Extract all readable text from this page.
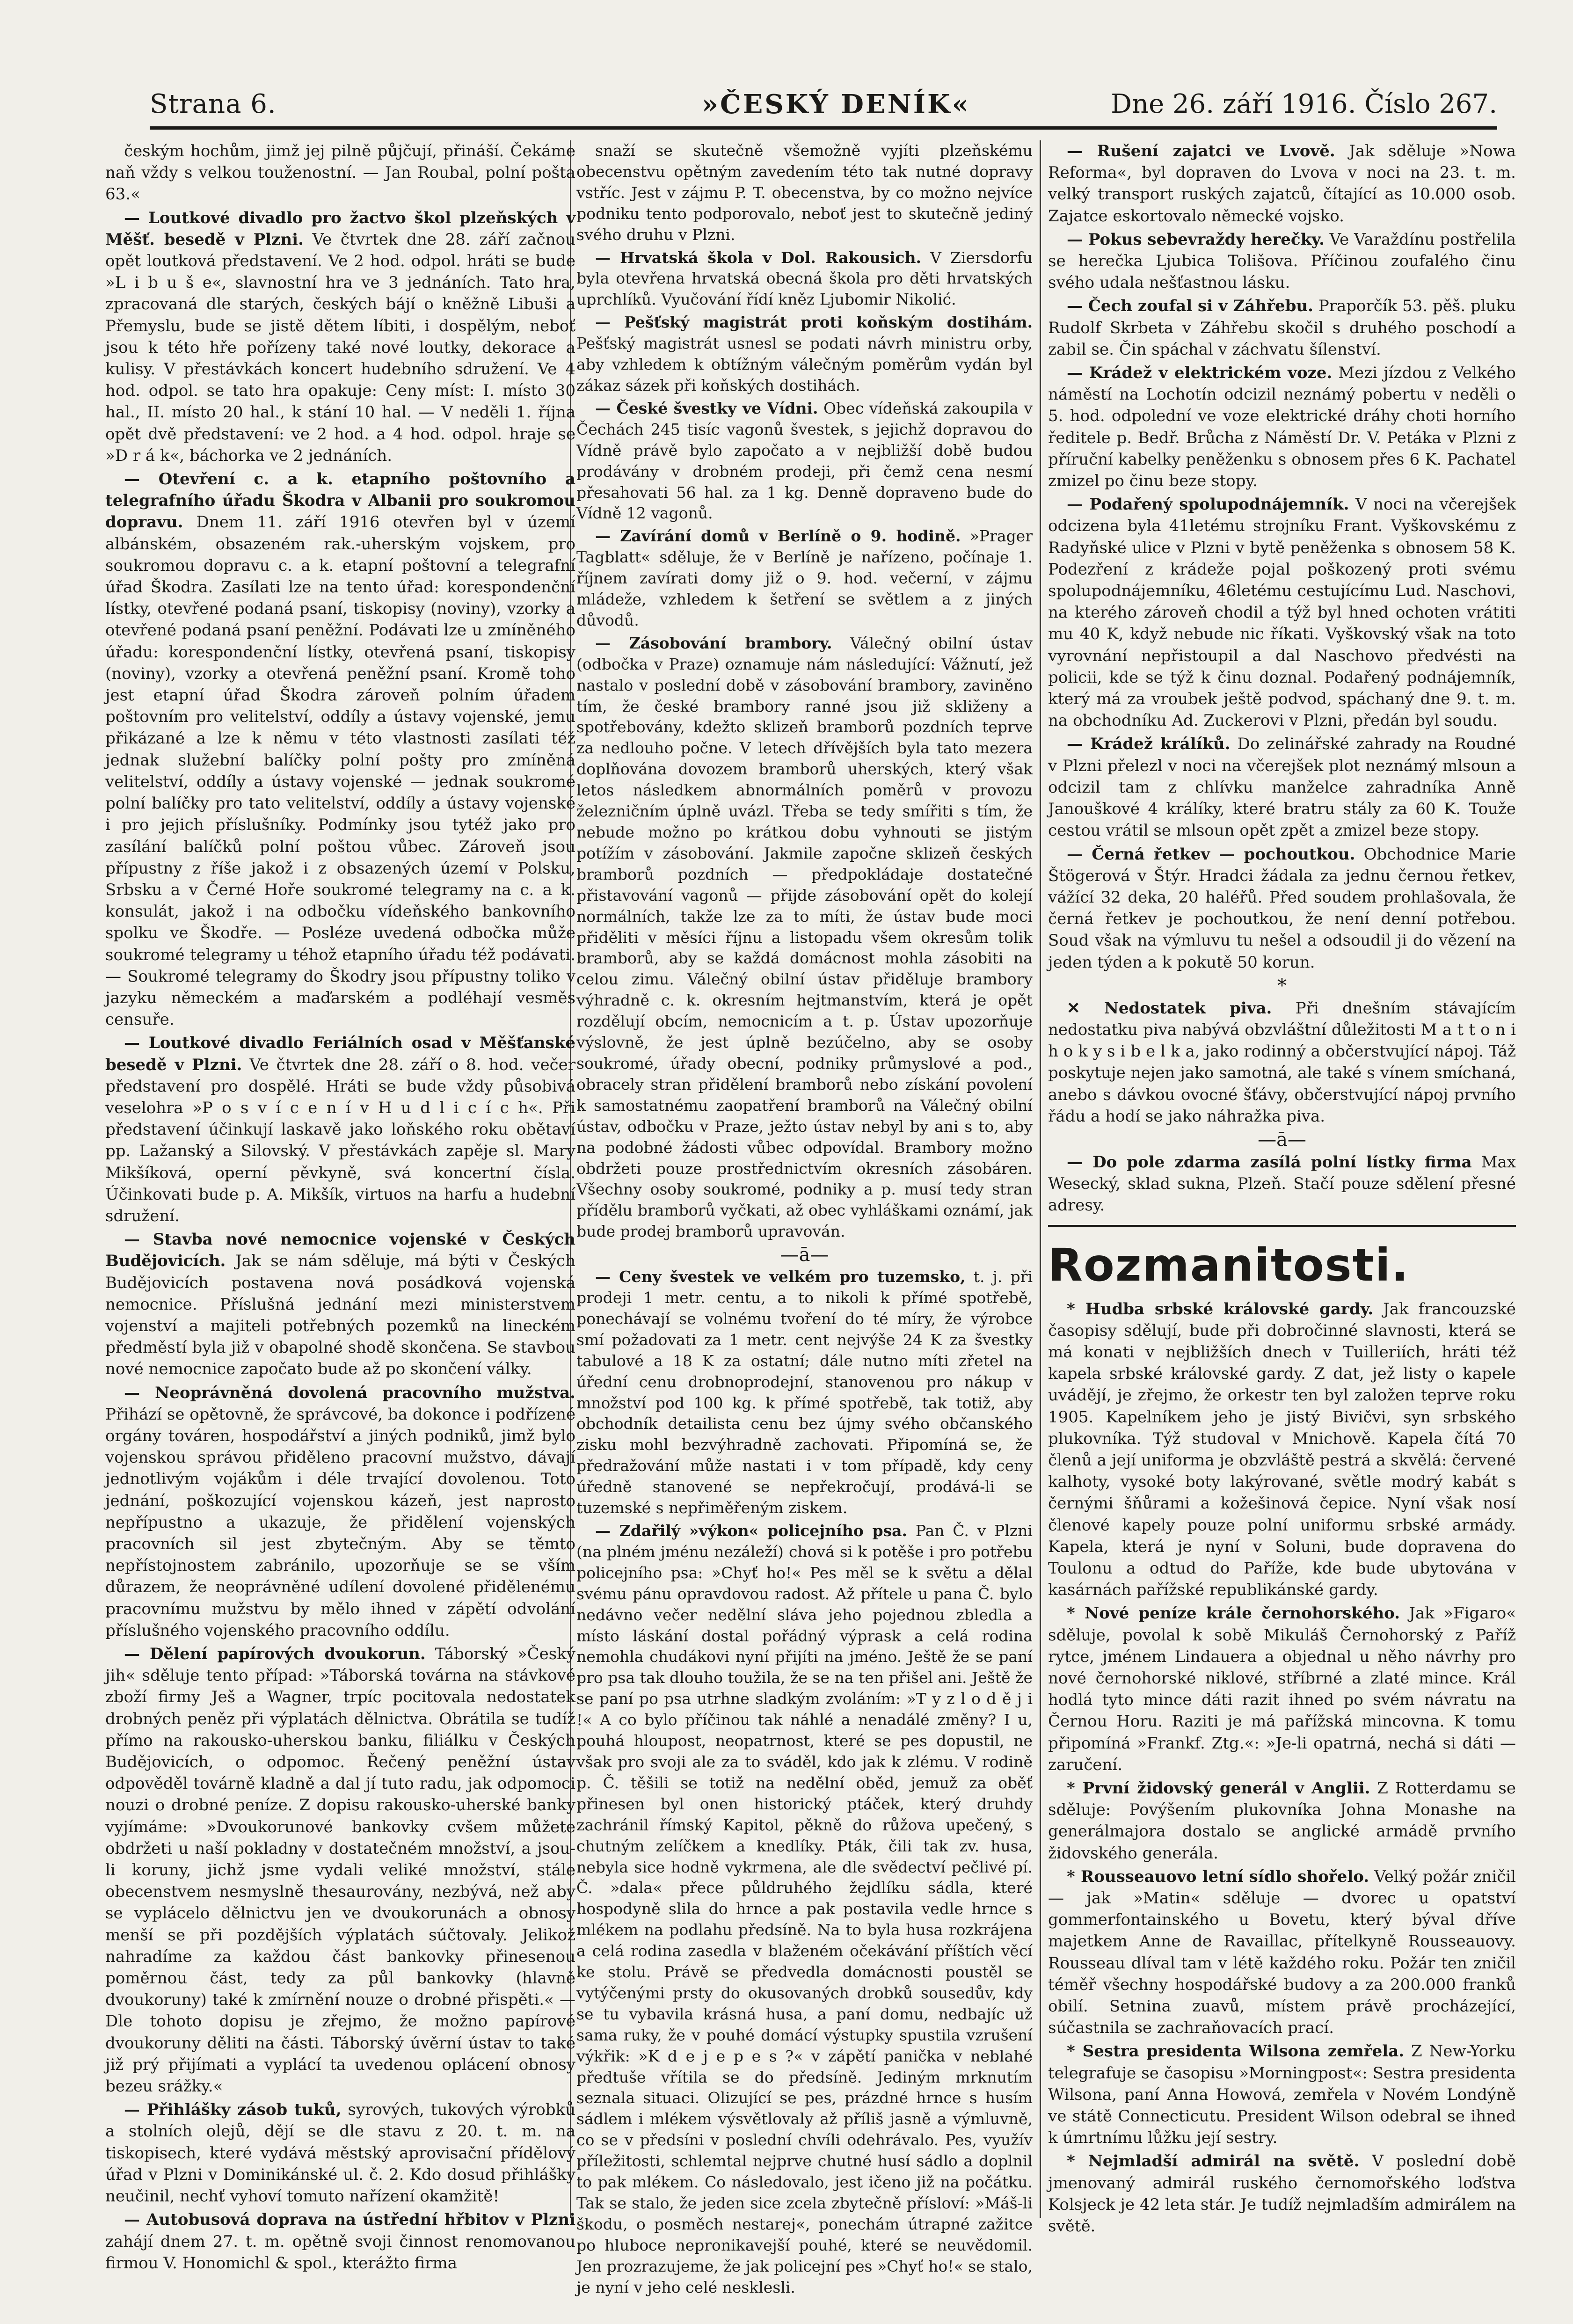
Strana 6.	»ČESKÝ DENÍK«	Dne 26. září 1916. Číslo 267.

českým hochům, jimž jej pilně půjčují, přináší. Čekáme naň vždy s velkou touženostní. — Jan Roubal, polní pošta 63.«

— Loutkové divadlo pro žactvo škol plzeňských v Měšť. besedě v Plzni. Ve čtvrtek dne 28. září začnou opět loutková představení. Ve 2 hod. odpol. hráti se bude »L i b u š e«, slavnostní hra ve 3 jednáních. Tato hra, zpracovaná dle starých, českých bájí o kněžně Libuši a Přemyslu, bude se jistě dětem líbiti, i dospělým, neboť jsou k této hře pořízeny také nové loutky, dekorace a kulisy. V přestávkách koncert hudebního sdružení. Ve 4 hod. odpol. se tato hra opakuje: Ceny míst: I. místo 30 hal., II. místo 20 hal., k stání 10 hal. — V neděli 1. října opět dvě představení: ve 2 hod. a 4 hod. odpol. hraje se »D r á k«, báchorka ve 2 jednáních.

— Otevření c. a k. etapního poštovního a telegrafního úřadu Škodra v Albanii pro soukromou dopravu. Dnem 11. září 1916 otevřen byl v území albánském, obsazeném rak.-uherským vojskem, pro soukromou dopravu c. a k. etapní poštovní a telegrafní úřad Škodra. Zasílati lze na tento úřad: korespondenční lístky, otevřené podaná psaní, tiskopisy (noviny), vzorky a otevřené podaná psaní peněžní. Podávati lze u zmíněného úřadu: korespondenční lístky, otevřená psaní, tiskopisy (noviny), vzorky a otevřená peněžní psaní. Kromě toho jest etapní úřad Škodra zároveň polním úřadem poštovním pro velitelství, oddíly a ústavy vojenské, jemu přikázané a lze k němu v této vlastnosti zasílati též jednak služební balíčky polní pošty pro zmíněná velitelství, oddíly a ústavy vojenské — jednak soukromé polní balíčky pro tato velitelství, oddíly a ústavy vojenské i pro jejich příslušníky. Podmínky jsou tytéž jako pro zasílání balíčků polní poštou vůbec. Zároveň jsou přípustny z říše jakož i z obsazených území v Polsku, Srbsku a v Černé Hoře soukromé telegramy na c. a k. konsulát, jakož i na odbočku vídeňského bankovního spolku ve Škodře. — Posléze uvedená odbočka může soukromé telegramy u téhož etapního úřadu též podávati. — Soukromé telegramy do Škodry jsou přípustny toliko v jazyku německém a maďarském a podléhají vesměs censuře.

— Loutkové divadlo Feriálních osad v Měšťanské besedě v Plzni. Ve čtvrtek dne 28. září o 8. hod. večer představení pro dospělé. Hráti se bude vždy působivá veselohra »P o s v í c e n í v H u d l i c í c h«. Při představení účinkují laskavě jako loňského roku obětaví pp. Lažanský a Silovský. V přestávkách zapěje sl. Mary Mikšíková, operní pěvkyně, svá koncertní čísla. Účinkovati bude p. A. Mikšík, virtuos na harfu a hudební sdružení.

— Stavba nové nemocnice vojenské v Českých Budějovicích. Jak se nám sděluje, má býti v Českých Budějovicích postavena nová posádková vojenská nemocnice. Příslušná jednání mezi ministerstvem vojenství a majiteli potřebných pozemků na lineckém předměstí byla již v obapolné shodě skončena. Se stavbou nové nemocnice započato bude až po skončení války.

— Neoprávněná dovolená pracovního mužstva. Přihází se opětovně, že správcové, ba dokonce i podřízené orgány továren, hospodářství a jiných podniků, jimž bylo vojenskou správou přiděleno pracovní mužstvo, dávají jednotlivým vojákům i déle trvající dovolenou. Toto jednání, poškozující vojenskou kázeň, jest naprosto nepřípustno a ukazuje, že přidělení vojenských pracovních sil jest zbytečným. Aby se těmto nepřístojnostem zabránilo, upozorňuje se se vším důrazem, že neoprávněné udílení dovolené přidělenému pracovnímu mužstvu by mělo ihned v zápětí odvolání příslušného vojenského pracovního oddílu.

— Dělení papírových dvoukorun. Táborský »Český jih« sděluje tento případ: »Táborská továrna na stávkové zboží firmy Ješ a Wagner, trpíc pocitovala nedostatek drobných peněz při výplatách dělnictva. Obrátila se tudíž přímo na rakousko-uherskou banku, filiálku v Českých Budějovicích, o odpomoc. Řečený peněžní ústav odpověděl továrně kladně a dal jí tuto radu, jak odpomoci nouzi o drobné peníze. Z dopisu rakousko-uherské banky vyjímáme: »Dvoukorunové bankovky cvšem můžete obdržeti u naší pokladny v dostatečném množství, a jsou-li koruny, jichž jsme vydali veliké množství, stále obecenstvem nesmyslně thesaurovány, nezbývá, než aby se vyplácelo dělnictvu jen ve dvoukorunách a obnosy menší se při pozdějších výplatách súčtovaly. Jelikož nahradíme za každou část bankovky přinesenou poměrnou část, tedy za půl bankovky (hlavně dvoukoruny) také k zmírnění nouze o drobné přispěti.« — Dle tohoto dopisu je zřejmo, že možno papírové dvoukoruny děliti na části. Táborský úvěrní ústav to také již prý přijímati a vyplácí ta uvedenou oplácení obnosy bezeu srážky.«

— Přihlášky zásob tuků, syrových, tukových výrobků a stolních olejů, dějí se dle stavu z 20. t. m. na tiskopisech, které vydává městský aprovisační přídělový úřad v Plzni v Dominikánské ul. č. 2. Kdo dosud přihlášky neučinil, nechť vyhoví tomuto nařízení okamžitě!

— Autobusová doprava na ústřední hřbitov v Plzni zahájí dnem 27. t. m. opětně svoji činnost renomovanou firmou V. Honomichl & spol., kterážto firma

snaží se skutečně všemožně vyjíti plzeňskému obecenstvu opětným zavedením této tak nutné dopravy vstříc. Jest v zájmu P. T. obecenstva, by co možno nejvíce podniku tento podporovalo, neboť jest to skutečně jediný svého druhu v Plzni.

— Hrvatská škola v Dol. Rakousich. V Ziersdorfu byla otevřena hrvatská obecná škola pro děti hrvatských uprchlíků. Vyučování řídí kněz Ljubomir Nikolić.

— Pešťský magistrát proti koňským dostihám. Pešťský magistrát usnesl se podati návrh ministru orby, aby vzhledem k obtížným válečným poměrům vydán byl zákaz sázek při koňských dostihách.

— České švestky ve Vídni. Obec vídeňská zakoupila v Čechách 245 tisíc vagonů švestek, s jejichž dopravou do Vídně právě bylo započato a v nejbližší době budou prodávány v drobném prodeji, při čemž cena nesmí přesahovati 56 hal. za 1 kg. Denně dopraveno bude do Vídně 12 vagonů.

— Zavírání domů v Berlíně o 9. hodině. »Prager Tagblatt« sděluje, že v Berlíně je nařízeno, počínaje 1. říjnem zavírati domy již o 9. hod. večerní, v zájmu mládeže, vzhledem k šetření se světlem a z jiných důvodů.

— Zásobování brambory. Válečný obilní ústav (odbočka v Praze) oznamuje nám následující: Vážnutí, jež nastalo v poslední době v zásobování brambory, zaviněno tím, že české brambory ranné jsou již skliženy a spotřebovány, kdežto sklizeň bramborů pozdních teprve za nedlouho počne. V letech dřívějších byla tato mezera doplňována dovozem bramborů uherských, který však letos následkem abnormálních poměrů v provozu železničním úplně uvázl. Třeba se tedy smířiti s tím, že nebude možno po krátkou dobu vyhnouti se jistým potížím v zásobování. Jakmile započne sklizeň českých bramborů pozdních — předpokládaje dostatečné přistavování vagonů — přijde zásobování opět do kolejí normálních, takže lze za to míti, že ústav bude moci přiděliti v měsíci říjnu a listopadu všem okresům tolik bramborů, aby se každá domácnost mohla zásobiti na celou zimu. Válečný obilní ústav přiděluje brambory výhradně c. k. okresním hejtmanstvím, která je opět rozdělují obcím, nemocnicím a t. p. Ústav upozorňuje výslovně, že jest úplně bezúčelno, aby se osoby soukromé, úřady obecní, podniky průmyslové a pod., obracely stran přidělení bramborů nebo získání povolení k samostatnému zaopatření bramborů na Válečný obilní ústav, odbočku v Praze, ježto ústav nebyl by ani s to, aby na podobné žádosti vůbec odpovídal. Brambory možno obdržeti pouze prostřednictvím okresních zásobáren. Všechny osoby soukromé, podniky a p. musí tedy stran přídělu bramborů vyčkati, až obec vyhláškami oznámí, jak bude prodej bramborů upravován.

—ā—

— Ceny švestek ve velkém pro tuzemsko, t. j. při prodeji 1 metr. centu, a to nikoli k přímé spotřebě, ponechávají se volnému tvoření do té míry, že výrobce smí požadovati za 1 metr. cent nejvýše 24 K za švestky tabulové a 18 K za ostatní; dále nutno míti zřetel na úřední cenu drobnoprodejní, stanovenou pro nákup v množství pod 100 kg. k přímé spotřebě, tak totiž, aby obchodník detailista cenu bez újmy svého občanského zisku mohl bezvýhradně zachovati. Připomíná se, že předražování může nastati i v tom případě, kdy ceny úředně stanovené se nepřekročují, prodává-li se tuzemské s nepřiměřeným ziskem.

— Zdařilý »výkon« policejního psa. Pan Č. v Plzni (na plném jménu nezáleží) chová si k potěše i pro potřebu policejního psa: »Chyť ho!« Pes měl se k světu a dělal svému pánu opravdovou radost. Až přítele u pana Č. bylo nedávno večer nedělní sláva jeho pojednou zbledla a místo láskání dostal pořádný výprask a celá rodina nemohla chudákovi nyní přijíti na jméno. Ještě že se paní pro psa tak dlouho toužila, že se na ten přišel ani. Ještě že se paní po psa utrhne sladkým zvoláním: »T y z l o d ě j i !« A co bylo příčinou tak náhlé a nenadálé změny? I u, pouhá hloupost, neopatrnost, které se pes dopustil, ne však pro svoji ale za to sváděl, kdo jak k zlému. V rodině p. Č. těšili se totiž na nedělní oběd, jemuž za oběť přinesen byl onen historický ptáček, který druhdy zachránil římský Kapitol, pěkně do růžova upečený, s chutným zelíčkem a knedlíky. Pták, čili tak zv. husa, nebyla sice hodně vykrmena, ale dle svědectví pečlivé pí. Č. »dala« přece půldruhého žejdlíku sádla, které hospodyně slila do hrnce a pak postavila vedle hrnce s mlékem na podlahu předsíně. Na to byla husa rozkrájena a celá rodina zasedla v blaženém očekávání příštích věcí ke stolu. Právě se předvedla domácnosti poustěl se vytýčenými prsty do okusovaných drobků sousedův, kdy se tu vybavila krásná husa, a paní domu, nedbajíc už sama ruky, že v pouhé domácí výstupky spustila vzrušení výkřik: »K d e j e p e s ?« v zápětí panička v neblahé předtuše vřítila se do předsíně. Jediným mrknutím seznala situaci. Olizující se pes, prázdné hrnce s husím sádlem i mlékem výsvětlovaly až příliš jasně a výmluvně, co se v předsíni v poslední chvíli odehrávalo. Pes, využív příležitosti, schlemtal nejprve chutné husí sádlo a doplnil to pak mlékem. Co následovalo, jest ičeno již na počátku. Tak se stalo, že jeden sice zcela zbytečně přísloví: »Máš-li škodu, o posměch nestarej«, ponechám útrapné zažitce po hluboce nepronikavejší pouhé, které se neuvědomil. Jen prozrazujeme, že jak policejní pes »Chyť ho!« se stalo, je nyní v jeho celé nesklesli.

— Rušení zajatci ve Lvově. Jak sděluje »Nowa Reforma«, byl dopraven do Lvova v noci na 23. t. m. velký transport ruských zajatců, čítající as 10.000 osob. Zajatce eskortovalo německé vojsko.

— Pokus sebevraždy herečky. Ve Varaždínu postřelila se herečka Ljubica Tolišova. Příčinou zoufalého činu svého udala nešťastnou lásku.

— Čech zoufal si v Záhřebu. Praporčík 53. pěš. pluku Rudolf Skrbeta v Záhřebu skočil s druhého poschodí a zabil se. Čin spáchal v záchvatu šílenství.

— Krádež v elektrickém voze. Mezi jízdou z Velkého náměstí na Lochotín odcizil neznámý pobertu v neděli o 5. hod. odpolední ve voze elektrické dráhy choti horního ředitele p. Bedř. Brůcha z Náměstí Dr. V. Petáka v Plzni z příruční kabelky peněženku s obnosem přes 6 K. Pachatel zmizel po činu beze stopy.

— Podařený spolupodnájemník. V noci na včerejšek odcizena byla 41letému strojníku Frant. Vyškovskému z Radyňské ulice v Plzni v bytě peněženka s obnosem 58 K. Podezření z krádeže pojal poškozený proti svému spolupodnájemníku, 46letému cestujícímu Lud. Naschovi, na kterého zároveň chodil a týž byl hned ochoten vrátiti mu 40 K, když nebude nic říkati. Vyškovský však na toto vyrovnání nepřistoupil a dal Naschovo předvésti na policii, kde se týž k činu doznal. Podařený podnájemník, který má za vroubek ještě podvod, spáchaný dne 9. t. m. na obchodníku Ad. Zuckerovi v Plzni, předán byl soudu.

— Krádež králíků. Do zelinářské zahrady na Roudné v Plzni přelezl v noci na včerejšek plot neznámý mlsoun a odcizil tam z chlívku manželce zahradníka Anně Janouškové 4 králíky, které bratru stály za 60 K. Touže cestou vrátil se mlsoun opět zpět a zmizel beze stopy.

— Černá řetkev — pochoutkou. Obchodnice Marie Štögerová v Štýr. Hradci žádala za jednu černou řetkev, vážící 32 deka, 20 haléřů. Před soudem prohlašovala, že černá řetkev je pochoutkou, že není denní potřebou. Soud však na výmluvu tu nešel a odsoudil ji do vězení na jeden týden a k pokutě 50 korun.

*

✕ Nedostatek piva. Při dnešním stávajícím nedostatku piva nabývá obzvláštní důležitosti M a t t o n i h o k y s i b e l k a, jako rodinný a občerstvující nápoj. Táž poskytuje nejen jako samotná, ale také s vínem smíchaná, anebo s dávkou ovocné šťávy, občerstvující nápoj prvního řádu a hodí se jako náhražka piva.

—ā—

— Do pole zdarma zasílá polní lístky firma Max Wesecký, sklad sukna, Plzeň. Stačí pouze sdělení přesné adresy.

Rozmanitosti.

* Hudba srbské královské gardy. Jak francouzské časopisy sdělují, bude při dobročinné slavnosti, která se má konati v nejbližších dnech v Tuilleriích, hráti též kapela srbské královské gardy. Z dat, jež listy o kapele uvádějí, je zřejmo, že orkestr ten byl založen teprve roku 1905. Kapelníkem jeho je jistý Bivičvi, syn srbského plukovníka. Týž studoval v Mnichově. Kapela čítá 70 členů a její uniforma je obzvláště pestrá a skvělá: červené kalhoty, vysoké boty lakýrované, světle modrý kabát s černými šňůrami a kožešinová čepice. Nyní však nosí členové kapely pouze polní uniformu srbské armády. Kapela, která je nyní v Soluni, bude dopravena do Toulonu a odtud do Paříže, kde bude ubytována v kasárnách pařížské republikánské gardy.

* Nové peníze krále černohorského. Jak »Figaro« sděluje, povolal k sobě Mikuláš Černohorský z Paříž rytce, jménem Lindauera a objednal u něho návrhy pro nové černohorské niklové, stříbrné a zlaté mince. Král hodlá tyto mince dáti razit ihned po svém návratu na Černou Horu. Raziti je má pařížská mincovna. K tomu připomíná »Frankf. Ztg.«: »Je-li opatrná, nechá si dáti — zaručení.

* První židovský generál v Anglii. Z Rotterdamu se sděluje: Povýšením plukovníka Johna Monashe na generálmajora dostalo se anglické armádě prvního židovského generála.

* Rousseauovo letní sídlo shořelo. Velký požár zničil — jak »Matin« sděluje — dvorec u opatství gommerfontainského u Bovetu, který býval dříve majetkem Anne de Ravaillac, přítelkyně Rousseauovy. Rousseau dlíval tam v létě každého roku. Požár ten zničil téměř všechny hospodářské budovy a za 200.000 franků obilí. Setnina zuavů, místem právě procházející, súčastnila se zachraňovacích prací.

* Sestra presidenta Wilsona zemřela. Z New-Yorku telegrafuje se časopisu »Morningpost«: Sestra presidenta Wilsona, paní Anna Howová, zemřela v Novém Londýně ve státě Connecticutu. President Wilson odebral se ihned k úmrtnímu lůžku její sestry.

* Nejmladší admirál na světě. V poslední době jmenovaný admirál ruského černomořského loďstva Kolsjeck je 42 leta stár. Je tudíž nejmladším admirálem na světě.
